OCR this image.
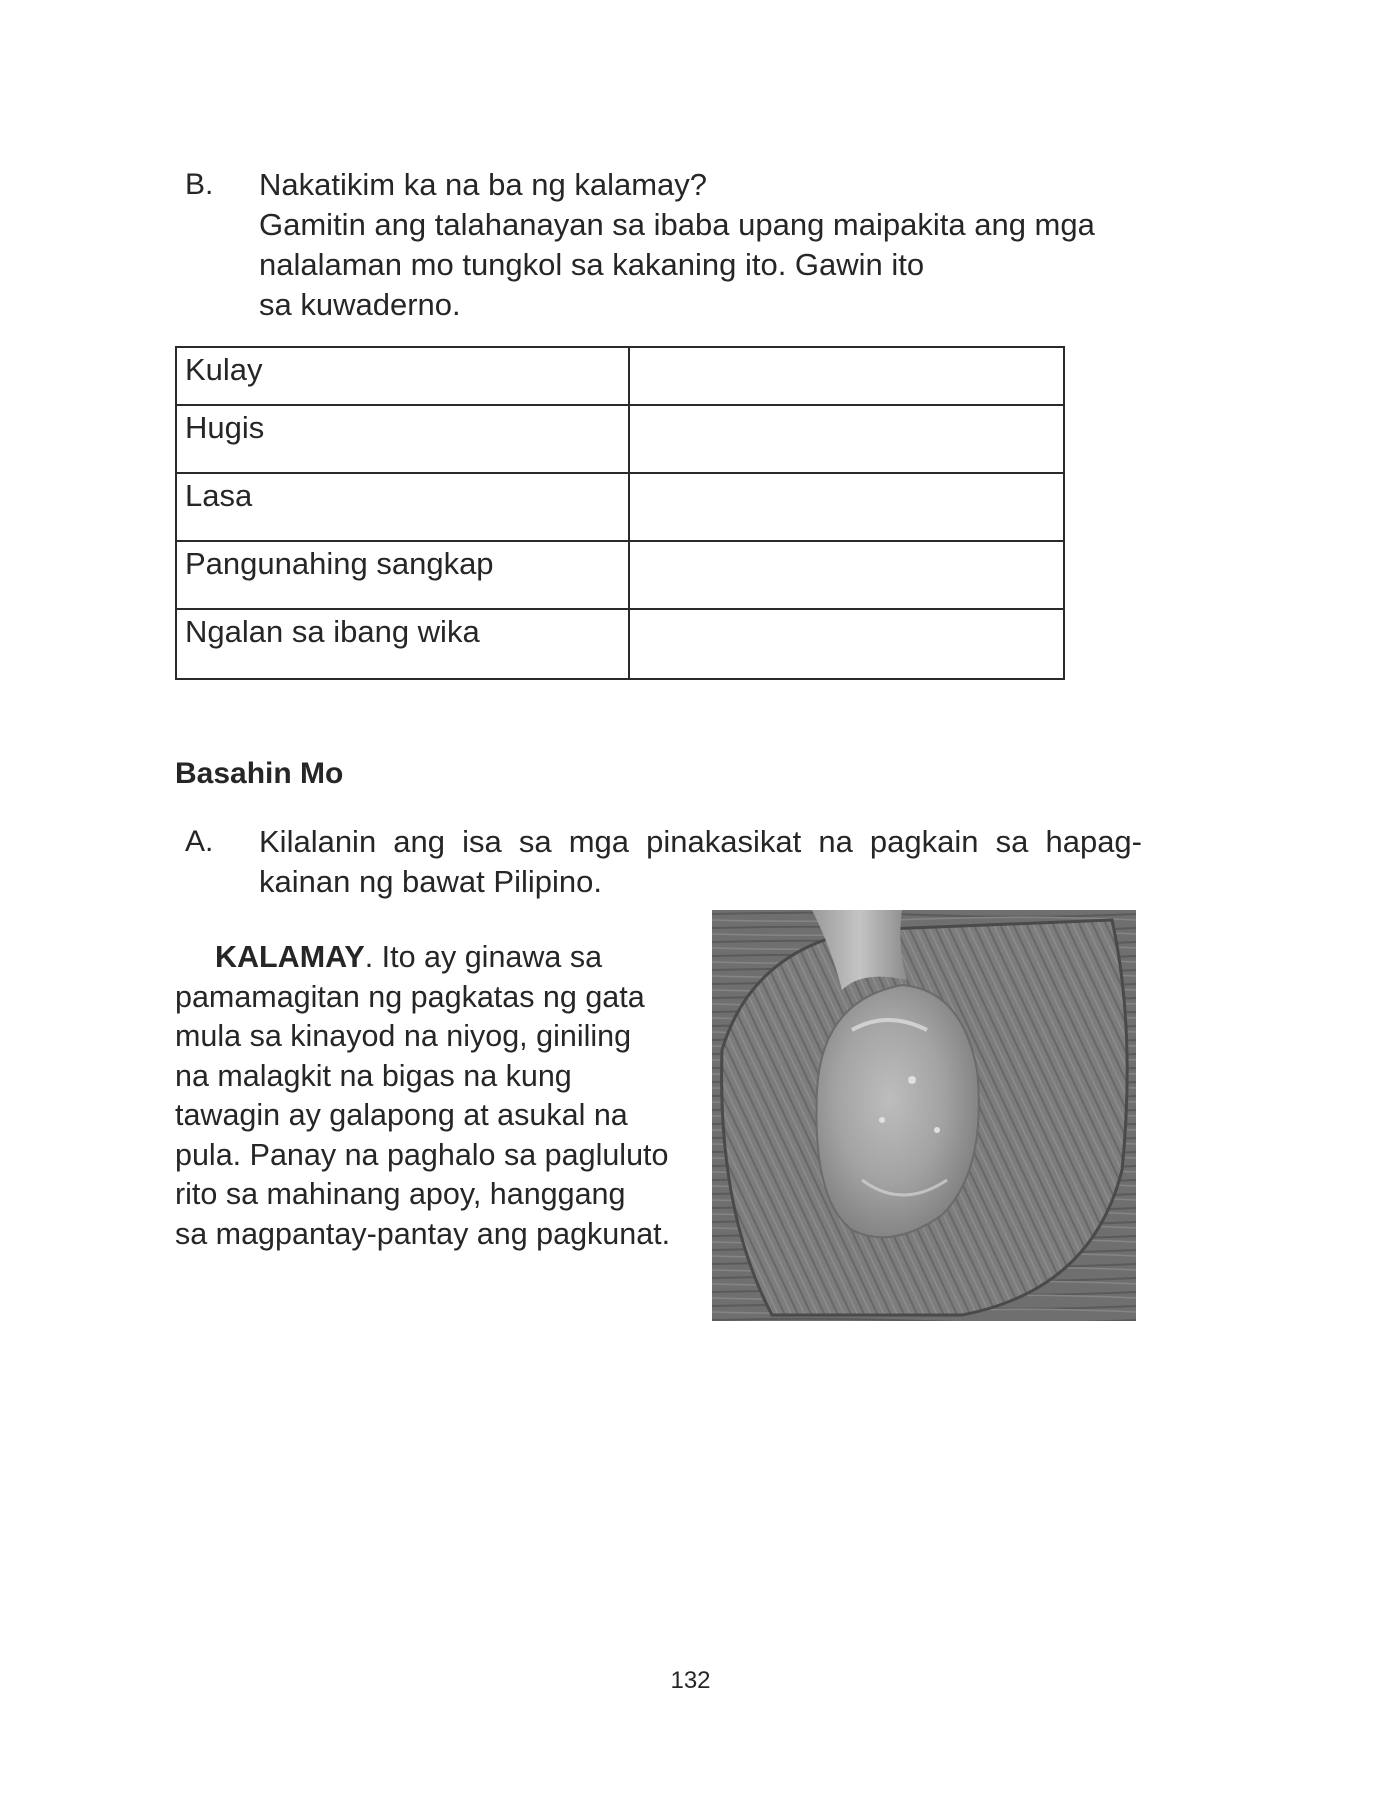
B. Nakatikim ka na ba ng kalamay?
Gamitin ang talahanayan sa ibaba upang maipakita ang mga
nalalaman mo tungkol sa kakaning ito. Gawin ito
sa kuwaderno.
Kulay	
Hugis	
Lasa	
Pangunahing sangkap	
Ngalan sa ibang wika	
Basahin Mo
A. Kilalanin ang isa sa mga pinakasikat na pagkain sa hapag-
kainan ng bawat Pilipino.
KALAMAY. Ito ay ginawa sa
pamamagitan ng pagkatas ng gata
mula sa kinayod na niyog, giniling
na malagkit na bigas na kung
tawagin ay galapong at asukal na
pula. Panay na paghalo sa pagluluto
rito sa mahinang apoy, hanggang
sa magpantay-pantay ang pagkunat.
132
